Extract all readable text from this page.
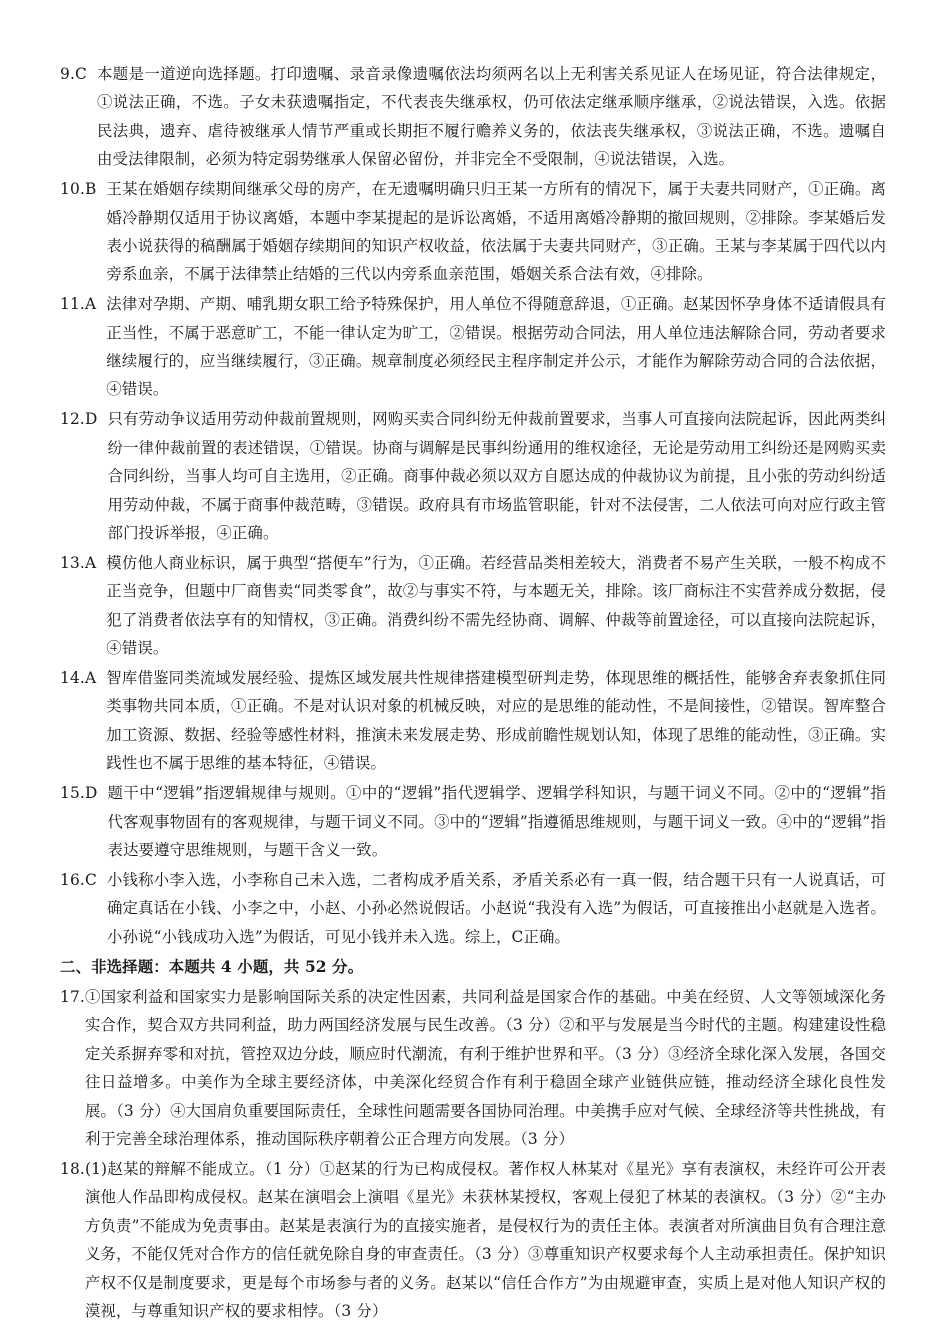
9. C
本题是一道逆向选择题。打印遗嘱、录音录像遗嘱依法均须两名以上无利害关系见证人在场见证，符合法律规定，①说法正确，不选。子女未获遗嘱指定，不代表丧失继承权，仍可依法定继承顺序继承，②说法错误，入选。依据民法典，遗弃、虐待被继承人情节严重或长期拒不履行赡养义务的，依法丧失继承权，③说法正确，不选。遗嘱自由受法律限制，必须为特定弱势继承人保留必留份，并非完全不受限制，④说法错误，入选。
10. B
王某在婚姻存续期间继承父母的房产，在无遗嘱明确只归王某一方所有的情况下，属于夫妻共同财产，①正确。离婚冷静期仅适用于协议离婚，本题中李某提起的是诉讼离婚，不适用离婚冷静期的撤回规则，②排除。李某婚后发表小说获得的稿酬属于婚姻存续期间的知识产权收益，依法属于夫妻共同财产，③正确。王某与李某属于四代以内旁系血亲，不属于法律禁止结婚的三代以内旁系血亲范围，婚姻关系合法有效，④排除。
11. A
法律对孕期、产期、哺乳期女职工给予特殊保护，用人单位不得随意辞退，①正确。赵某因怀孕身体不适请假具有正当性，不属于恶意旷工，不能一律认定为旷工，②错误。根据劳动合同法，用人单位违法解除合同，劳动者要求继续履行的，应当继续履行，③正确。规章制度必须经民主程序制定并公示，才能作为解除劳动合同的合法依据，④错误。
12. D
只有劳动争议适用劳动仲裁前置规则，网购买卖合同纠纷无仲裁前置要求，当事人可直接向法院起诉，因此两类纠纷一律仲裁前置的表述错误，①错误。协商与调解是民事纠纷通用的维权途径，无论是劳动用工纠纷还是网购买卖合同纠纷，当事人均可自主选用，②正确。商事仲裁必须以双方自愿达成的仲裁协议为前提，且小张的劳动纠纷适用劳动仲裁，不属于商事仲裁范畴，③错误。政府具有市场监管职能，针对不法侵害，二人依法可向对应行政主管部门投诉举报，④正确。
13. A
模仿他人商业标识，属于典型“搭便车”行为，①正确。若经营品类相差较大，消费者不易产生关联，一般不构成不正当竞争，但题中厂商售卖“同类零食”，故②与事实不符，与本题无关，排除。该厂商标注不实营养成分数据，侵犯了消费者依法享有的知情权，③正确。消费纠纷不需先经协商、调解、仲裁等前置途径，可以直接向法院起诉，④错误。
14. A
智库借鉴同类流域发展经验、提炼区域发展共性规律搭建模型研判走势，体现思维的概括性，能够舍弃表象抓住同类事物共同本质，①正确。不是对认识对象的机械反映，对应的是思维的能动性，不是间接性，②错误。智库整合加工资源、数据、经验等感性材料，推演未来发展走势、形成前瞻性规划认知，体现了思维的能动性，③正确。实践性也不属于思维的基本特征，④错误。
15. D
题干中“逻辑”指逻辑规律与规则。①中的“逻辑”指代逻辑学、逻辑学科知识，与题干词义不同。②中的“逻辑”指代客观事物固有的客观规律，与题干词义不同。③中的“逻辑”指遵循思维规则，与题干词义一致。④中的“逻辑”指表达要遵守思维规则，与题干含义一致。
16. C
小钱称小李入选，小李称自己未入选，二者构成矛盾关系，矛盾关系必有一真一假，结合题干只有一人说真话，可确定真话在小钱、小李之中，小赵、小孙必然说假话。小赵说“我没有入选”为假话，可直接推出小赵就是入选者。小孙说“小钱成功入选”为假话，可见小钱并未入选。综上，C正确。
二、非选择题：本题共 4 小题，共 52 分。
17. ①国家利益和国家实力是影响国际关系的决定性因素，共同利益是国家合作的基础。中美在经贸、人文等领域深化务实合作，契合双方共同利益，助力两国经济发展与民生改善。（3 分）②和平与发展是当今时代的主题。构建建设性稳定关系摒弃零和对抗，管控双边分歧，顺应时代潮流，有利于维护世界和平。（3 分）③经济全球化深入发展，各国交往日益增多。中美作为全球主要经济体，中美深化经贸合作有利于稳固全球产业链供应链，推动经济全球化良性发展。（3 分）④大国肩负重要国际责任，全球性问题需要各国协同治理。中美携手应对气候、全球经济等共性挑战，有利于完善全球治理体系，推动国际秩序朝着公正合理方向发展。（3 分）
18. (1)赵某的辩解不能成立。（1 分）①赵某的行为已构成侵权。著作权人林某对《星光》享有表演权，未经许可公开表演他人作品即构成侵权。赵某在演唱会上演唱《星光》未获林某授权，客观上侵犯了林某的表演权。（3 分）②“主办方负责”不能成为免责事由。赵某是表演行为的直接实施者，是侵权行为的责任主体。表演者对所演曲目负有合理注意义务，不能仅凭对合作方的信任就免除自身的审查责任。（3 分）③尊重知识产权要求每个人主动承担责任。保护知识产权不仅是制度要求，更是每个市场参与者的义务。赵某以“信任合作方”为由规避审查，实质上是对他人知识产权的漠视，与尊重知识产权的要求相悖。（3 分）
